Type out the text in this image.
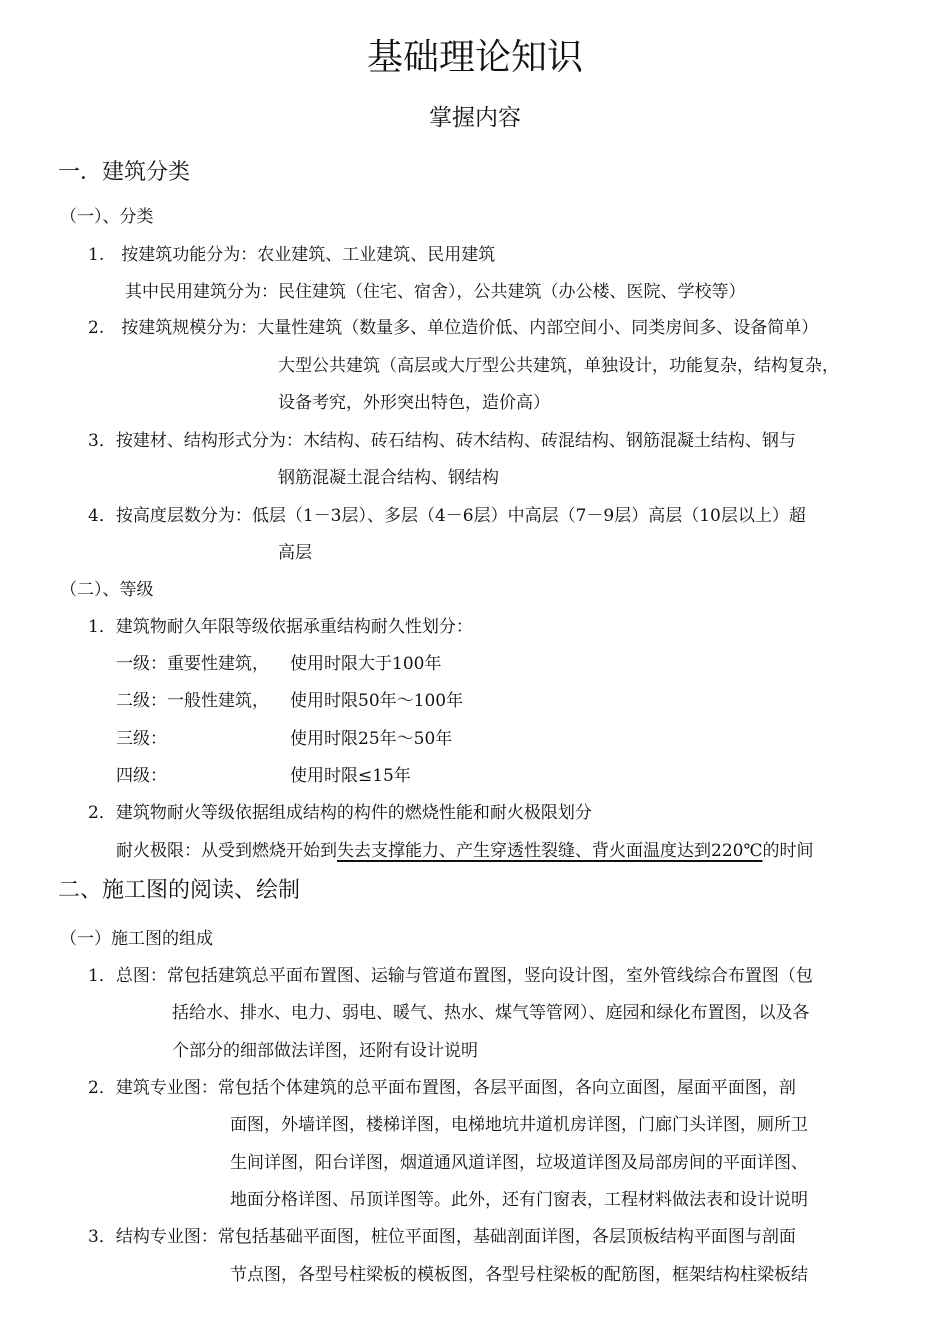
基础理论知识
掌握内容
一．建筑分类
（一）、分类
1.　按建筑功能分为：农业建筑、工业建筑、民用建筑
其中民用建筑分为：民住建筑（住宅、宿舍），公共建筑（办公楼、医院、学校等）
2.　按建筑规模分为：大量性建筑（数量多、单位造价低、内部空间小、同类房间多、设备简单）
大型公共建筑（高层或大厅型公共建筑，单独设计，功能复杂，结构复杂，
设备考究，外形突出特色，造价高）
3．按建材、结构形式分为：木结构、砖石结构、砖木结构、砖混结构、钢筋混凝土结构、钢与
钢筋混凝土混合结构、钢结构
4．按高度层数分为：低层（1－3层）、多层（4－6层）中高层（7－9层）高层（10层以上）超
高层
（二）、等级
1．建筑物耐久年限等级依据承重结构耐久性划分：
一级：重要性建筑， 使用时限大于100年
二级：一般性建筑， 使用时限50年～100年
三级：	使用时限25年～50年
四级：	使用时限≤15年
2．建筑物耐火等级依据组成结构的构件的燃烧性能和耐火极限划分
耐火极限：从受到燃烧开始到失去支撑能力、产生穿透性裂缝、背火面温度达到220℃的时间
二、施工图的阅读、绘制
（一）施工图的组成
1．总图：常包括建筑总平面布置图、运输与管道布置图，竖向设计图，室外管线综合布置图（包
括给水、排水、电力、弱电、暖气、热水、煤气等管网）、庭园和绿化布置图，以及各
个部分的细部做法详图，还附有设计说明
2．建筑专业图：常包括个体建筑的总平面布置图，各层平面图，各向立面图，屋面平面图，剖
面图，外墙详图，楼梯详图，电梯地坑井道机房详图，门廊门头详图，厕所卫
生间详图，阳台详图，烟道通风道详图，垃圾道详图及局部房间的平面详图、
地面分格详图、吊顶详图等。此外，还有门窗表，工程材料做法表和设计说明
3．结构专业图：常包括基础平面图，桩位平面图，基础剖面详图，各层顶板结构平面图与剖面
节点图，各型号柱梁板的模板图，各型号柱梁板的配筋图，框架结构柱梁板结
